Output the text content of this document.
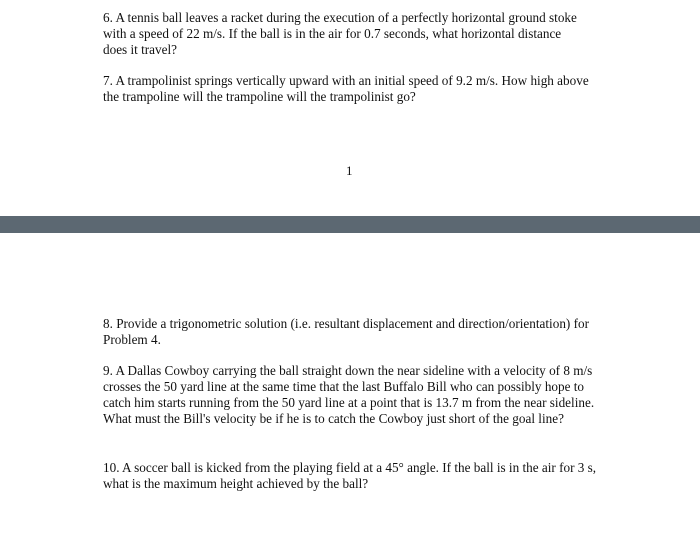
6. A tennis ball leaves a racket during the execution of a perfectly horizontal ground stoke with a speed of 22 m/s. If the ball is in the air for 0.7 seconds, what horizontal distance does it travel?

7. A trampolinist springs vertically upward with an initial speed of 9.2 m/s. How high above the trampoline will the trampoline will the trampolinist go?

1

8. Provide a trigonometric solution (i.e. resultant displacement and direction/orientation) for Problem 4.

9. A Dallas Cowboy carrying the ball straight down the near sideline with a velocity of 8 m/s crosses the 50 yard line at the same time that the last Buffalo Bill who can possibly hope to catch him starts running from the 50 yard line at a point that is 13.7 m from the near sideline. What must the Bill's velocity be if he is to catch the Cowboy just short of the goal line?

10. A soccer ball is kicked from the playing field at a 45° angle. If the ball is in the air for 3 s, what is the maximum height achieved by the ball?
